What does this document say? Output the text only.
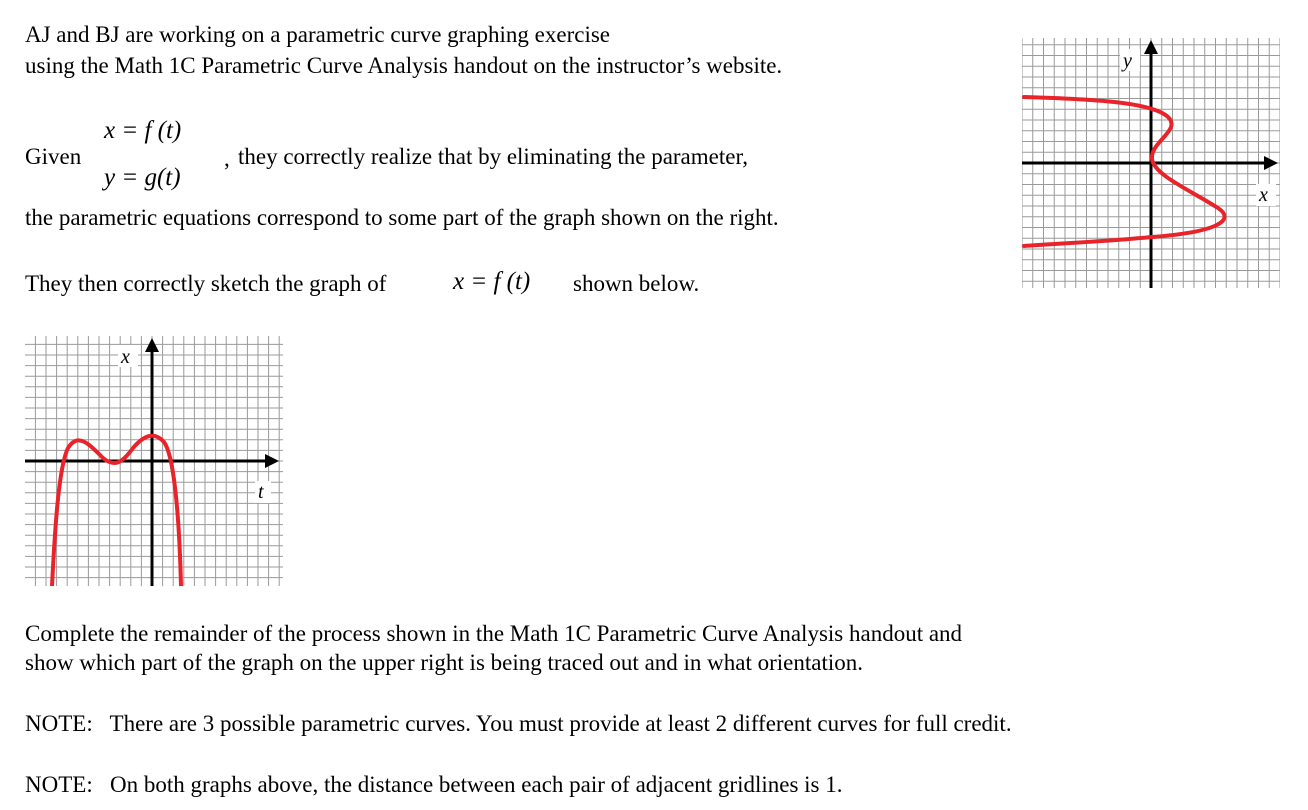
AJ and BJ are working on a parametric curve graphing exercise
using the Math 1C Parametric Curve Analysis handout on the instructor’s website.
Given
x = f (t)
y = g(t)
, they correctly realize that by eliminating the parameter,
the parametric equations correspond to some part of the graph shown on the right.
They then correctly sketch the graph of	x = f (t) shown below.
y
x
x
t
Complete the remainder of the process shown in the Math 1C Parametric Curve Analysis handout and
show which part of the graph on the upper right is being traced out and in what orientation.
NOTE:   There are 3 possible parametric curves. You must provide at least 2 different curves for full credit.
NOTE:   On both graphs above, the distance between each pair of adjacent gridlines is 1.
